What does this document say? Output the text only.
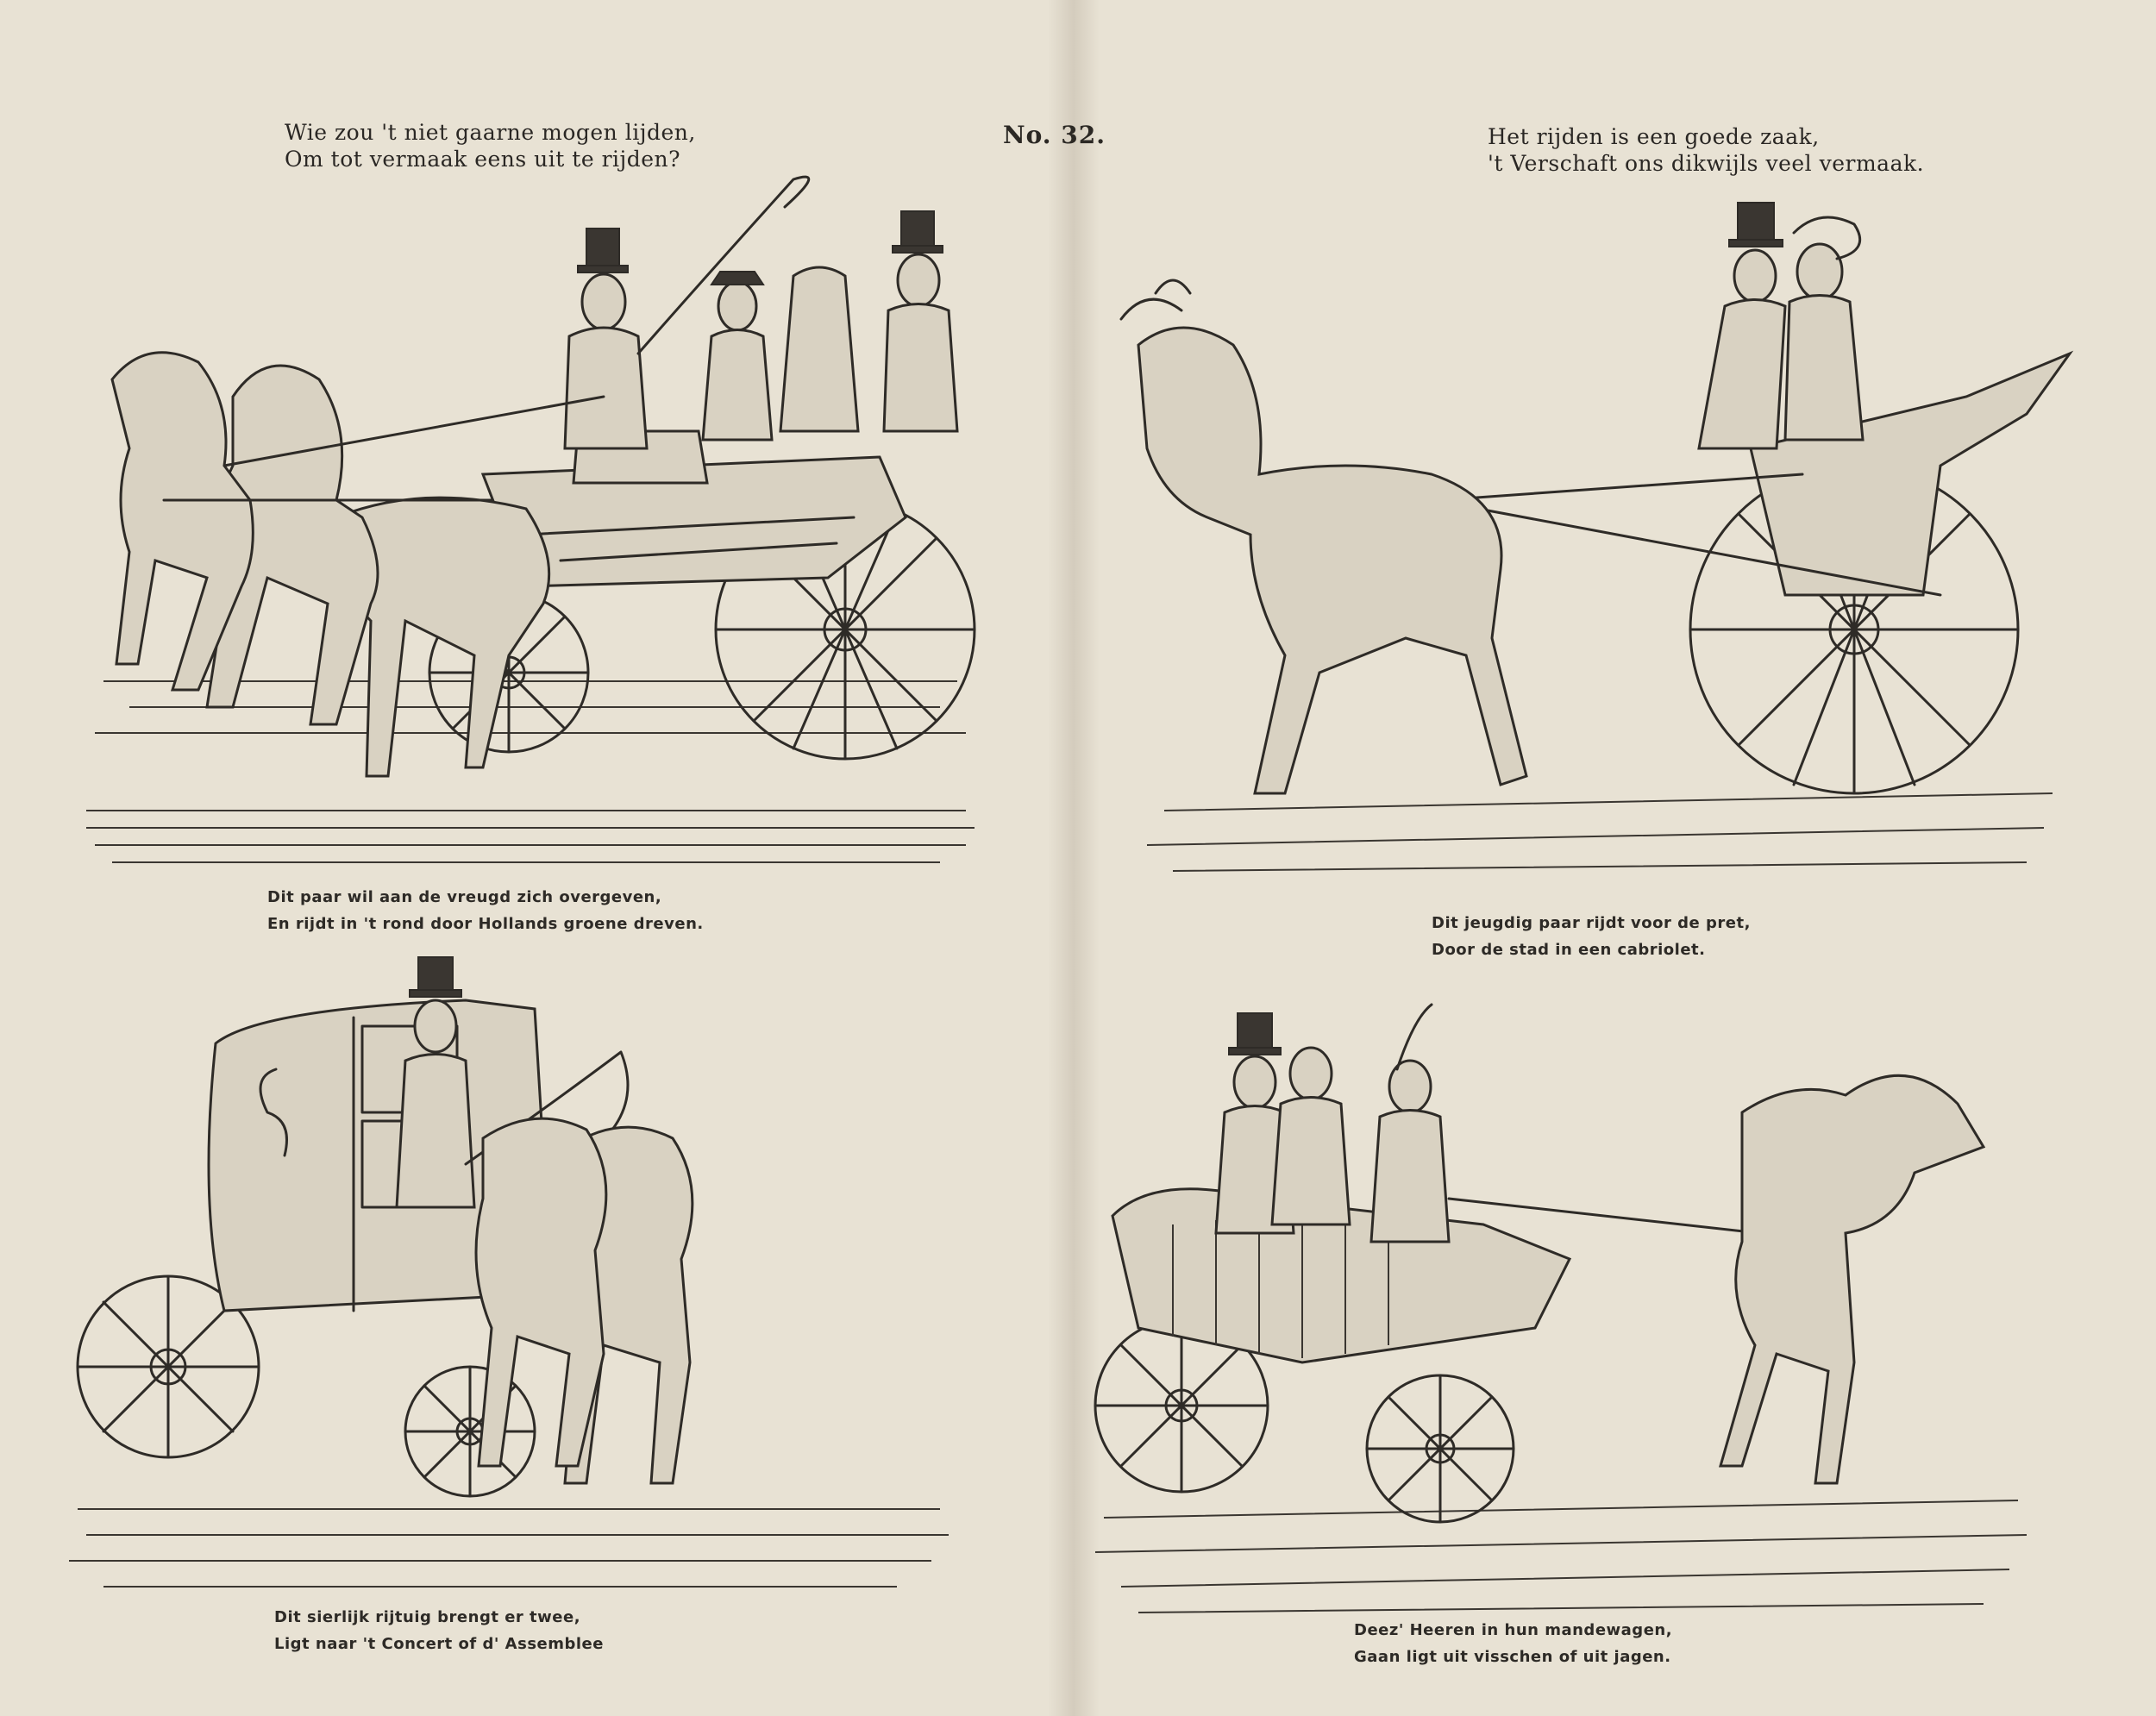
Wie zou 't niet gaarne mogen lijden,
Om tot vermaak eens uit te rijden?
No. 32.	Het rijden is een goede zaak,
't Verschaft ons dikwijls veel vermaak.
Dit paar wil aan de vreugd zich overgeven,
En rijdt in 't rond door Hollands groene dreven.	Dit jeugdig paar rijdt voor de pret,
Door de stad in een cabriolet.
Dit sierlijk rijtuig brengt er twee,
Ligt naar 't Concert of d' Assemblee
Deez' Heeren in hun mandewagen,
Gaan ligt uit visschen of uit jagen.
